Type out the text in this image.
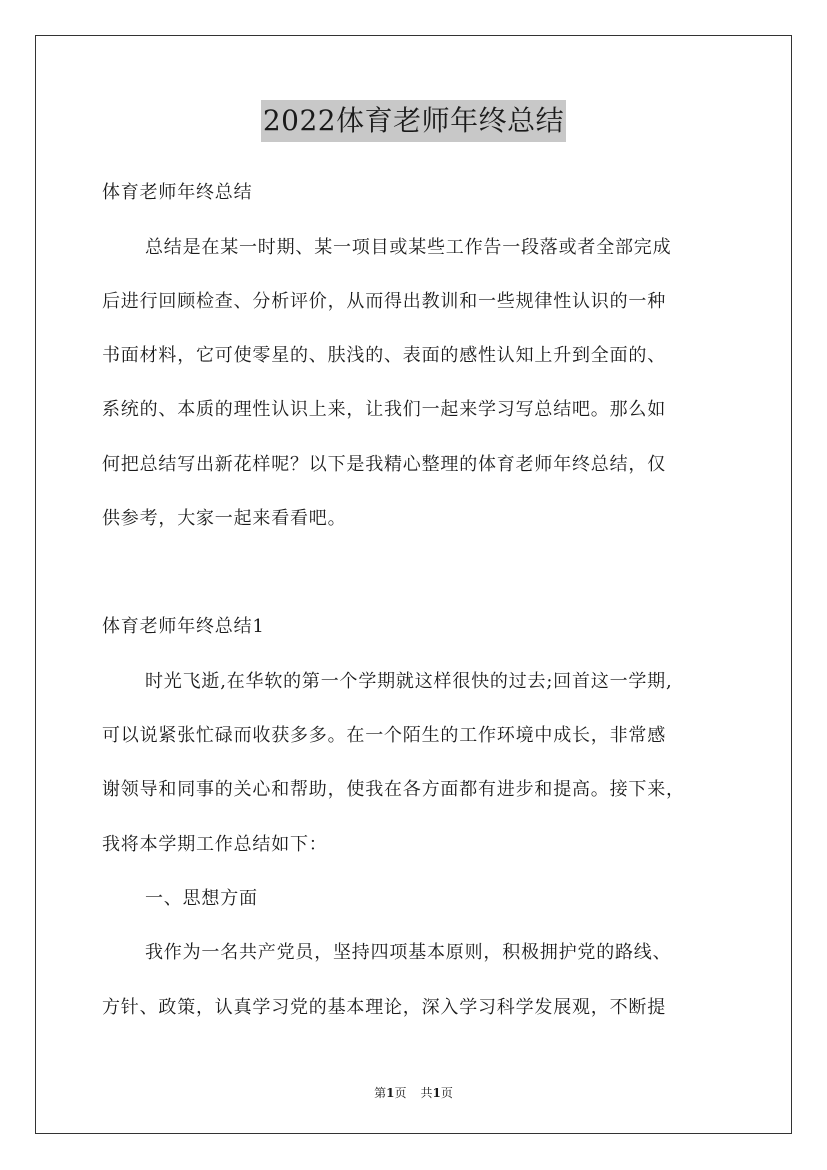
2022体育老师年终总结
体育老师年终总结
总结是在某一时期、某一项目或某些工作告一段落或者全部完成
后进行回顾检查、分析评价，从而得出教训和一些规律性认识的一种
书面材料，它可使零星的、肤浅的、表面的感性认知上升到全面的、
系统的、本质的理性认识上来，让我们一起来学习写总结吧。那么如
何把总结写出新花样呢？以下是我精心整理的体育老师年终总结，仅
供参考，大家一起来看看吧。
体育老师年终总结1
时光飞逝,在华软的第一个学期就这样很快的过去;回首这一学期,
可以说紧张忙碌而收获多多。在一个陌生的工作环境中成长，非常感
谢领导和同事的关心和帮助，使我在各方面都有进步和提高。接下来，
我将本学期工作总结如下：
一、思想方面
我作为一名共产党员，坚持四项基本原则，积极拥护党的路线、
方针、政策，认真学习党的基本理论，深入学习科学发展观，不断提
第1页 共1页
